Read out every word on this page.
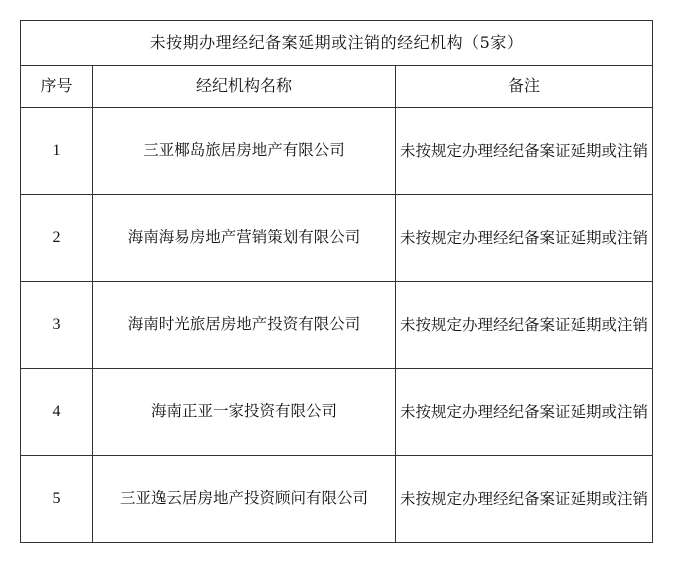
未按期办理经纪备案延期或注销的经纪机构（5家）		
序号	经纪机构名称	备注
1	三亚椰岛旅居房地产有限公司	未按规定办理经纪备案证延期或注销
2	海南海易房地产营销策划有限公司	未按规定办理经纪备案证延期或注销
3	海南时光旅居房地产投资有限公司	未按规定办理经纪备案证延期或注销
4	海南正亚一家投资有限公司	未按规定办理经纪备案证延期或注销
5	三亚逸云居房地产投资顾问有限公司	未按规定办理经纪备案证延期或注销
